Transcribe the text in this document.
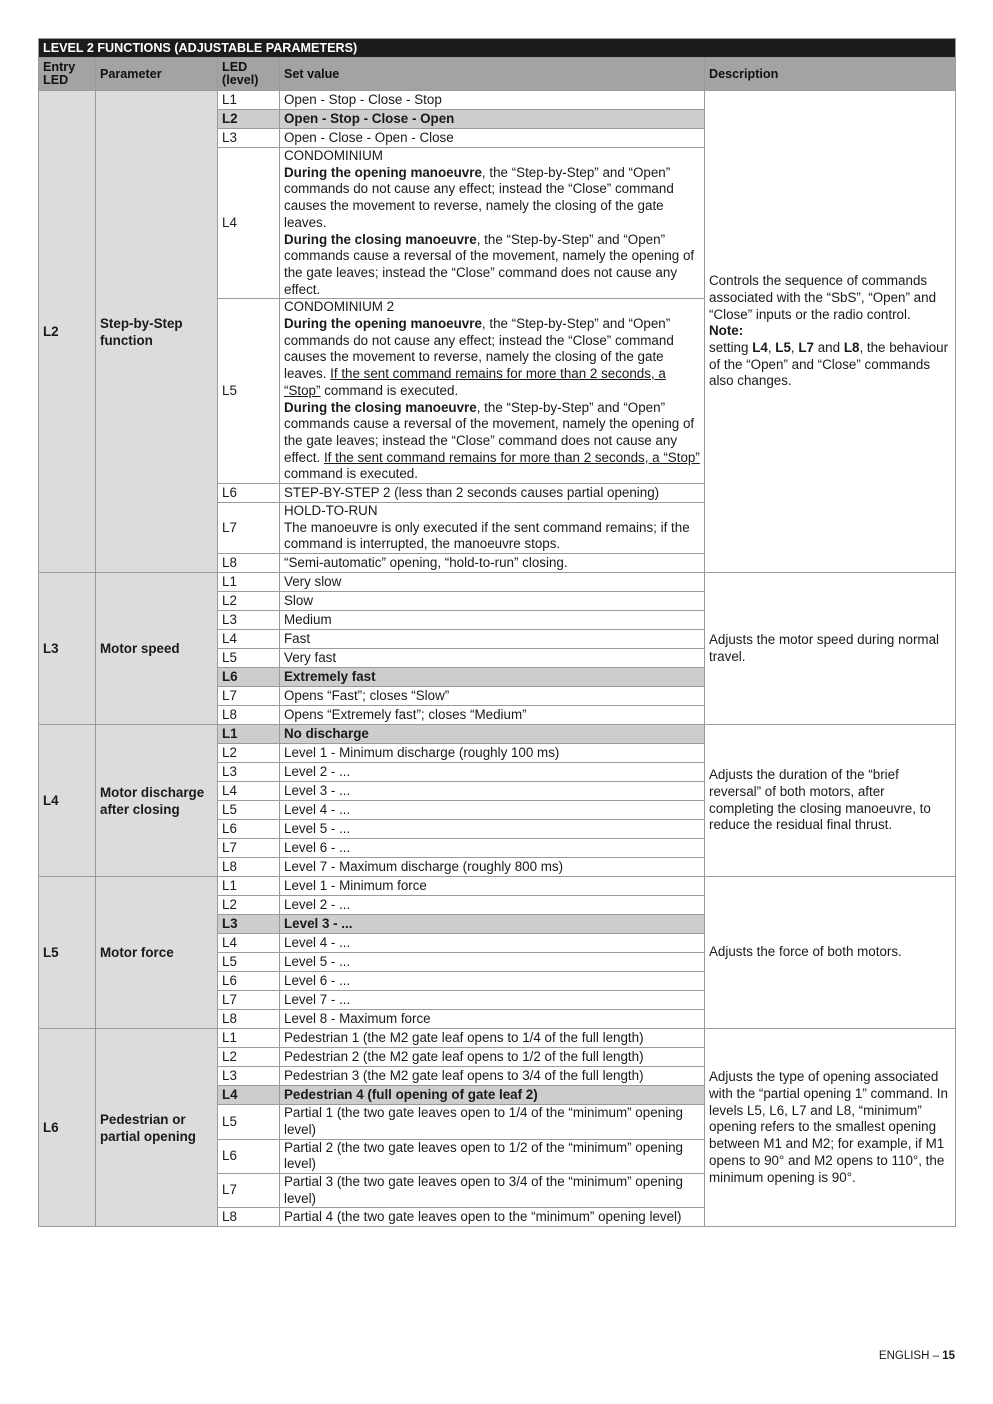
LEVEL 2 FUNCTIONS (ADJUSTABLE PARAMETERS)				
Entry LED	Parameter	LED (level)	Set value	Description
L2	Step-by-Step function	L1	Open - Stop - Close - Stop	Controls the sequence of commands associated with the “SbS”, “Open” and “Close” inputs or the radio control.
Note:
setting L4, L5, L7 and L8, the behaviour of the “Open” and “Close” commands also changes.

		L2	Open - Stop - Close - Open	
		L3	Open - Close - Open - Close	
		L4	CONDOMINIUM
During the opening manoeuvre, the “Step-by-Step” and “Open” commands do not cause any effect; instead the “Close” command causes the movement to reverse, namely the closing of the gate leaves.
During the closing manoeuvre, the “Step-by-Step” and “Open” commands cause a reversal of the movement, namely the opening of the gate leaves; instead the “Close” command does not cause any effect.	

		L5	CONDOMINIUM 2
During the opening manoeuvre, the “Step-by-Step” and “Open” commands do not cause any effect; instead the “Close” command causes the movement to reverse, namely the closing of the gate leaves. If the sent command remains for more than 2 seconds, a “Stop” command is executed.
During the closing manoeuvre, the “Step-by-Step” and “Open” commands cause a reversal of the movement, namely the opening of the gate leaves; instead the “Close” command does not cause any effect. If the sent command remains for more than 2 seconds, a “Stop” command is executed.	

		L6	STEP-BY-STEP 2 (less than 2 seconds causes partial opening)	
		L7	HOLD-TO-RUN
The manoeuvre is only executed if the sent command remains; if the command is interrupted, the manoeuvre stops.	

		L8	“Semi-automatic” opening, “hold-to-run” closing.	
L3	Motor speed	L1	Very slow	Adjusts the motor speed during normal travel.
		L2	Slow	
		L3	Medium	
		L4	Fast	
		L5	Very fast	
		L6	Extremely fast	
		L7	Opens “Fast”; closes “Slow”	
		L8	Opens “Extremely fast”; closes “Medium”	
L4	Motor discharge after closing	L1	No discharge	Adjusts the duration of the “brief reversal” of both motors, after completing the closing manoeuvre, to reduce the residual final thrust.
		L2	Level 1 - Minimum discharge (roughly 100 ms)	
		L3	Level 2 - ...	
		L4	Level 3 - ...	
		L5	Level 4 - ...	
		L6	Level 5 - ...	
		L7	Level 6 - ...	
		L8	Level 7 - Maximum discharge (roughly 800 ms)	
L5	Motor force	L1	Level 1 - Minimum force	Adjusts the force of both motors.
		L2	Level 2 - ...	
		L3	Level 3 - ...	
		L4	Level 4 - ...	
		L5	Level 5 - ...	
		L6	Level 6 - ...	
		L7	Level 7 - ...	
		L8	Level 8 - Maximum force	
L6	Pedestrian or partial opening	L1	Pedestrian 1 (the M2 gate leaf opens to 1/4 of the full length)	Adjusts the type of opening associated with the “partial opening 1” command. In levels L5, L6, L7 and L8, “minimum” opening refers to the smallest opening between M1 and M2; for example, if M1 opens to 90° and M2 opens to 110°, the minimum opening is 90°.
		L2	Pedestrian 2 (the M2 gate leaf opens to 1/2 of the full length)	
		L3	Pedestrian 3 (the M2 gate leaf opens to 3/4 of the full length)	
		L4	Pedestrian 4 (full opening of gate leaf 2)	
		L5	Partial 1 (the two gate leaves open to 1/4 of the “minimum” opening level)	
		L6	Partial 2 (the two gate leaves open to 1/2 of the “minimum” opening level)	
		L7	Partial 3 (the two gate leaves open to 3/4 of the “minimum” opening level)	
		L8	Partial 4 (the two gate leaves open to the “minimum” opening level)	
ENGLISH – 15
